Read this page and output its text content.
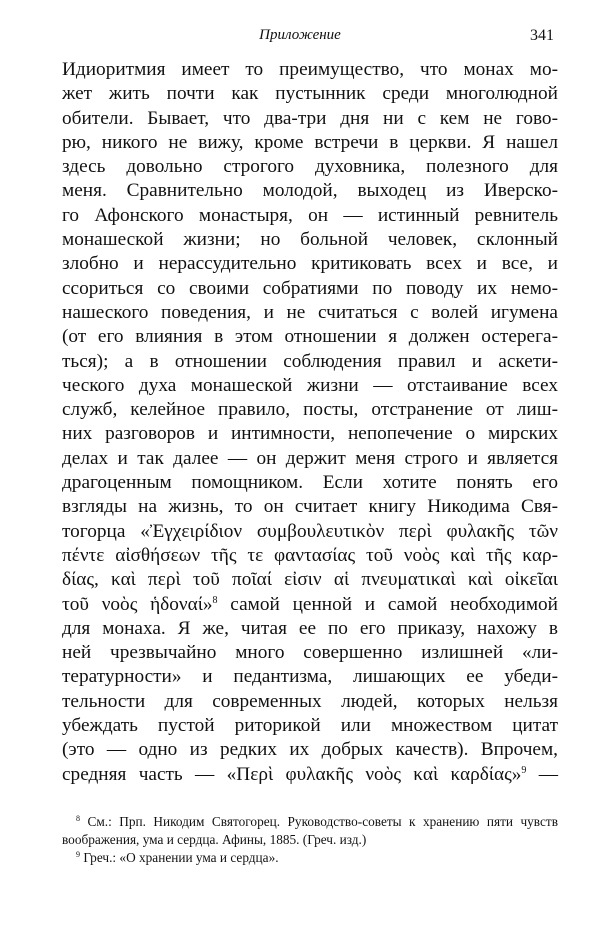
Приложение	341
Идиоритмия имеет то преимущество, что монах мо-
жет жить почти как пустынник среди многолюдной
обители. Бывает, что два-три дня ни с кем не гово-
рю, никого не вижу, кроме встречи в церкви. Я нашел
здесь довольно строгого духовника, полезного для
меня. Сравнительно молодой, выходец из Иверско-
го Афонского монастыря, он — истинный ревнитель
монашеской жизни; но больной человек, склонный
злобно и нерассудительно критиковать всех и все, и
ссориться со своими собратиями по поводу их немо-
нашеского поведения, и не считаться с волей игумена
(от его влияния в этом отношении я должен остерега-
ться); а в отношении соблюдения правил и аскети-
ческого духа монашеской жизни — отстаивание всех
служб, келейное правило, посты, отстранение от лиш-
них разговоров и интимности, непопечение о мирских
делах и так далее — он держит меня строго и является
драгоценным помощником. Если хотите понять его
взгляды на жизнь, то он считает книгу Никодима Свя-
тогорца «Ἐγχειρίδιον συμβουλευτικὸν περὶ φυλακῆς τῶν
πέντε αἰσθήσεων τῆς τε φαντασίας τοῦ νοὸς καὶ τῆς καρ-
δίας, καὶ περὶ τοῦ ποῖαί εἰσιν αἱ πνευματικαὶ καὶ οἰκεῖαι
τοῦ νοὸς ἡδοναί»$^8$ самой ценной и самой необходимой
для монаха. Я же, читая ее по его приказу, нахожу в
ней чрезвычайно много совершенно излишней «ли-
тературности» и педантизма, лишающих ее убеди-
тельности для современных людей, которых нельзя
убеждать пустой риторикой или множеством цитат
(это — одно из редких их добрых качеств). Впрочем,
средняя часть — «Περὶ φυλακῆς νοὸς καὶ καρδίας»$^9$ —
$^8$ См.: Прп. Никодим Святогорец. Руководство-советы к хранению пяти чувств воображения, ума и сердца. Афины, 1885. (Греч. изд.)
$^9$ Греч.: «О хранении ума и сердца».
